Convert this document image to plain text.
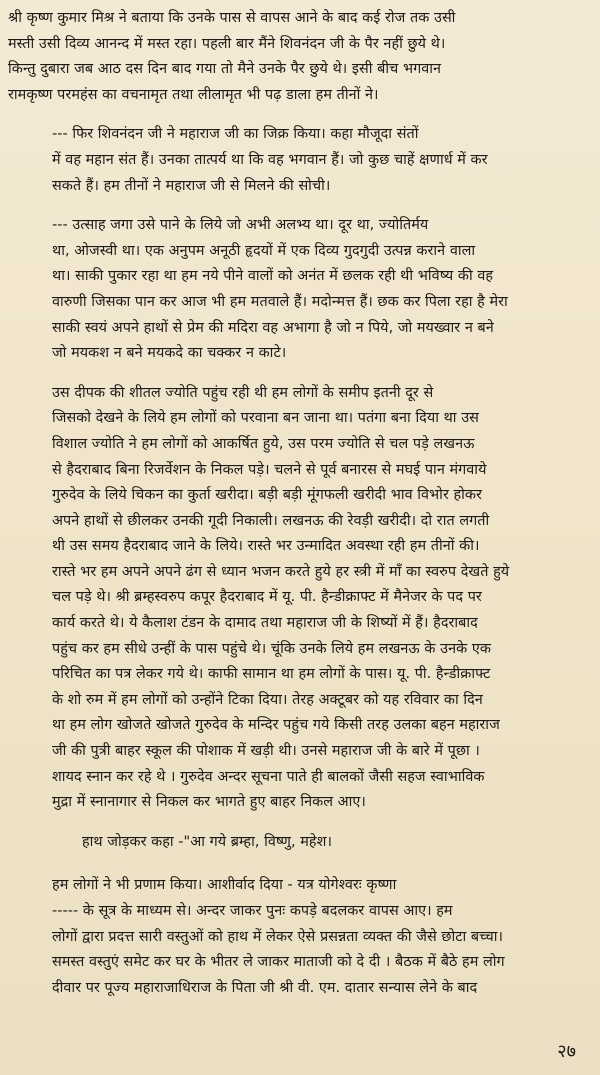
श्री कृष्ण कुमार मिश्र ने बताया कि उनके पास से वापस आने के बाद कई रोज तक उसी
मस्ती उसी दिव्य आनन्द में मस्त रहा। पहली बार मैंने शिवनंदन जी के पैर नहीं छुये थे।
किन्तु दुबारा जब आठ दस दिन बाद गया तो मैने उनके पैर छुये थे। इसी बीच भगवान
रामकृष्ण परमहंस का वचनामृत तथा लीलामृत भी पढ़ डाला हम तीनों ने।

--- फिर शिवनंदन जी ने महाराज जी का जिक्र किया। कहा मौजूदा संतों
में वह महान संत हैं। उनका तात्पर्य था कि वह भगवान हैं। जो कुछ चाहें क्षणार्ध में कर
सकते हैं। हम तीनों ने महाराज जी से मिलने की सोची।

--- उत्साह जगा उसे पाने के लिये जो अभी अलभ्य था। दूर था, ज्योतिर्मय
था, ओजस्वी था। एक अनुपम अनूठी हृदयों में एक दिव्य गुदगुदी उत्पन्न कराने वाला
था। साकी पुकार रहा था हम नये पीने वालों को अनंत में छलक रही थी भविष्य की वह
वारुणी जिसका पान कर आज भी हम मतवाले हैं। मदोन्मत्त हैं। छक कर पिला रहा है मेरा
साकी स्वयं अपने हाथों से प्रेम की मदिरा वह अभागा है जो न पिये, जो मयख्वार न बने
जो मयकश न बने मयकदे का चक्कर न काटे।

उस दीपक की शीतल ज्योति पहुंच रही थी हम लोगों के समीप इतनी दूर से
जिसको देखने के लिये हम लोगों को परवाना बन जाना था। पतंगा बना दिया था उस
विशाल ज्योति ने हम लोगों को आकर्षित हुये, उस परम ज्योति से चल पड़े लखनऊ
से हैदराबाद बिना रिजर्वेशन के निकल पड़े। चलने से पूर्व बनारस से मघई पान मंगवाये
गुरुदेव के लिये चिकन का कुर्ता खरीदा। बड़ी बड़ी मूंगफली खरीदी भाव विभोर होकर
अपने हाथों से छीलकर उनकी गूदी निकाली। लखनऊ की रेवड़ी खरीदी। दो रात लगती
थी उस समय हैदराबाद जाने के लिये। रास्ते भर उन्मादित अवस्था रही हम तीनों की।
रास्ते भर हम अपने अपने ढंग से ध्यान भजन करते हुये हर स्त्री में माँ का स्वरुप देखते हुये
चल पड़े थे। श्री ब्रम्हस्वरुप कपूर हैदराबाद में यू. पी. हैन्डीक्राफ्ट में मैनेजर के पद पर
कार्य करते थे। ये कैलाश टंडन के दामाद तथा महाराज जी के शिष्यों में हैं। हैदराबाद
पहुंच कर हम सीधे उन्हीं के पास पहुंचे थे। चूंकि उनके लिये हम लखनऊ के उनके एक
परिचित का पत्र लेकर गये थे। काफी सामान था हम लोगों के पास। यू. पी. हैन्डीक्राफ्ट
के शो रुम में हम लोगों को उन्होंने टिका दिया। तेरह अक्टूबर को यह रविवार का दिन
था हम लोग खोजते खोजते गुरुदेव के मन्दिर पहुंच गये किसी तरह उलका बहन महाराज
जी की पुत्री बाहर स्कूल की पोशाक में खड़ी थी। उनसे महाराज जी के बारे में पूछा ।
शायद स्नान कर रहे थे । गुरुदेव अन्दर सूचना पाते ही बालकों जैसी सहज स्वाभाविक
मुद्रा में स्नानागार से निकल कर भागते हुए बाहर निकल आए।

हाथ जोड़कर कहा -"आ गये ब्रम्हा, विष्णु, महेश।

हम लोगों ने भी प्रणाम किया। आशीर्वाद दिया - यत्र योगेश्वरः कृष्णा
----- के सूत्र के माध्यम से। अन्दर जाकर पुनः कपड़े बदलकर वापस आए। हम
लोगों द्वारा प्रदत्त सारी वस्तुओं को हाथ में लेकर ऐसे प्रसन्नता व्यक्त की जैसे छोटा बच्चा।
समस्त वस्तुएं समेट कर घर के भीतर ले जाकर माताजी को दे दी । बैठक में बैठे हम लोग
दीवार पर पूज्य महाराजाधिराज के पिता जी श्री वी. एम. दातार सन्यास लेने के बाद

२७
